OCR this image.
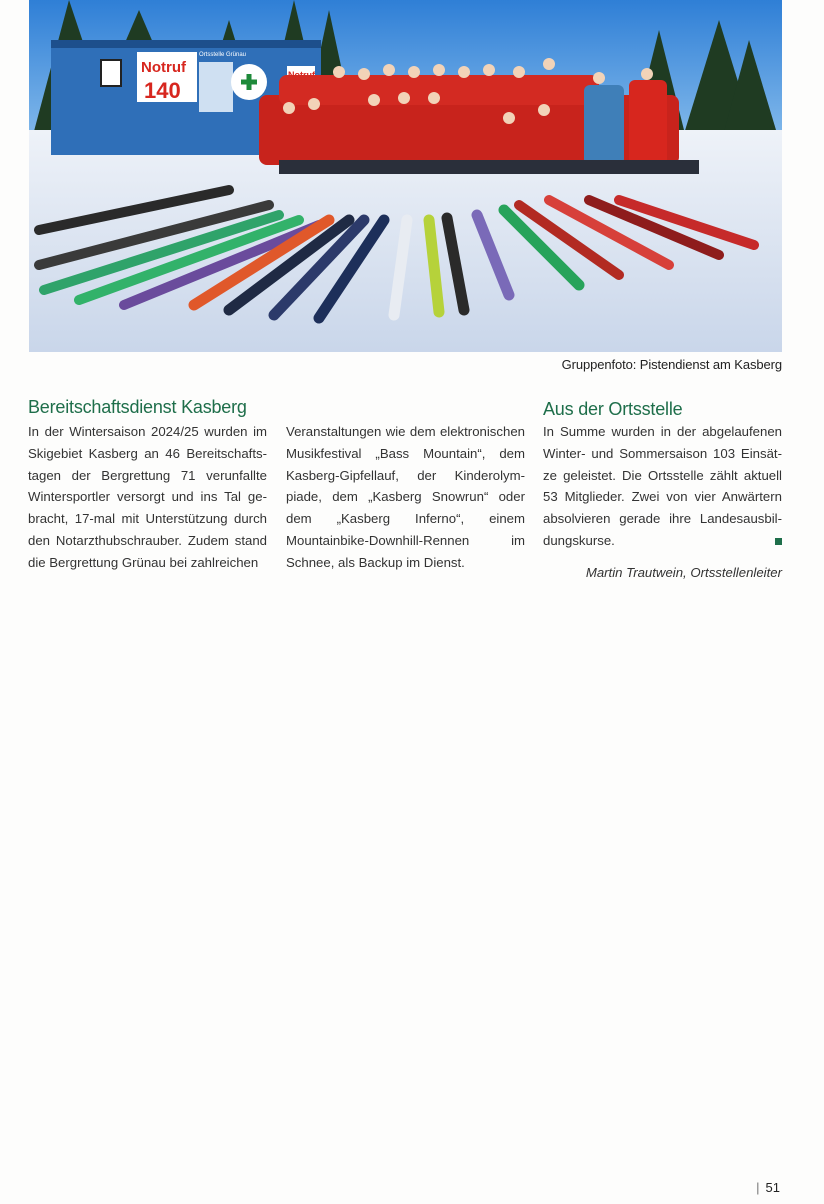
Notruf
140
Ortsstelle Grünau
Gruppenfoto: Pistendienst am Kasberg
Bereitschaftsdienst Kasberg

In der Wintersaison 2024/25 wurden im Skigebiet Kasberg an 46 Bereitschaftstagen der Bergrettung 71 verunfallte Wintersportler versorgt und ins Tal gebracht, 17-mal mit Unterstützung durch den Notarzthubschrauber. Zudem stand die Bergrettung Grünau bei zahlreichen

Veranstaltungen wie dem elektronischen Musikfestival „Bass Mountain“, dem Kasberg-Gipfellauf, der Kinderolympiade, dem „Kasberg Snowrun“ oder dem „Kasberg Inferno“, einem Mountainbike-Downhill-Rennen im Schnee, als Backup im Dienst.

Aus der Ortsstelle

In Summe wurden in der abgelaufenen Winter- und Sommersaison 103 Einsätze geleistet. Die Ortsstelle zählt aktuell 53 Mitglieder. Zwei von vier Anwärtern absolvieren gerade ihre Landesausbildungskurse.

Martin Trautwein, Ortsstellenleiter
| 51
